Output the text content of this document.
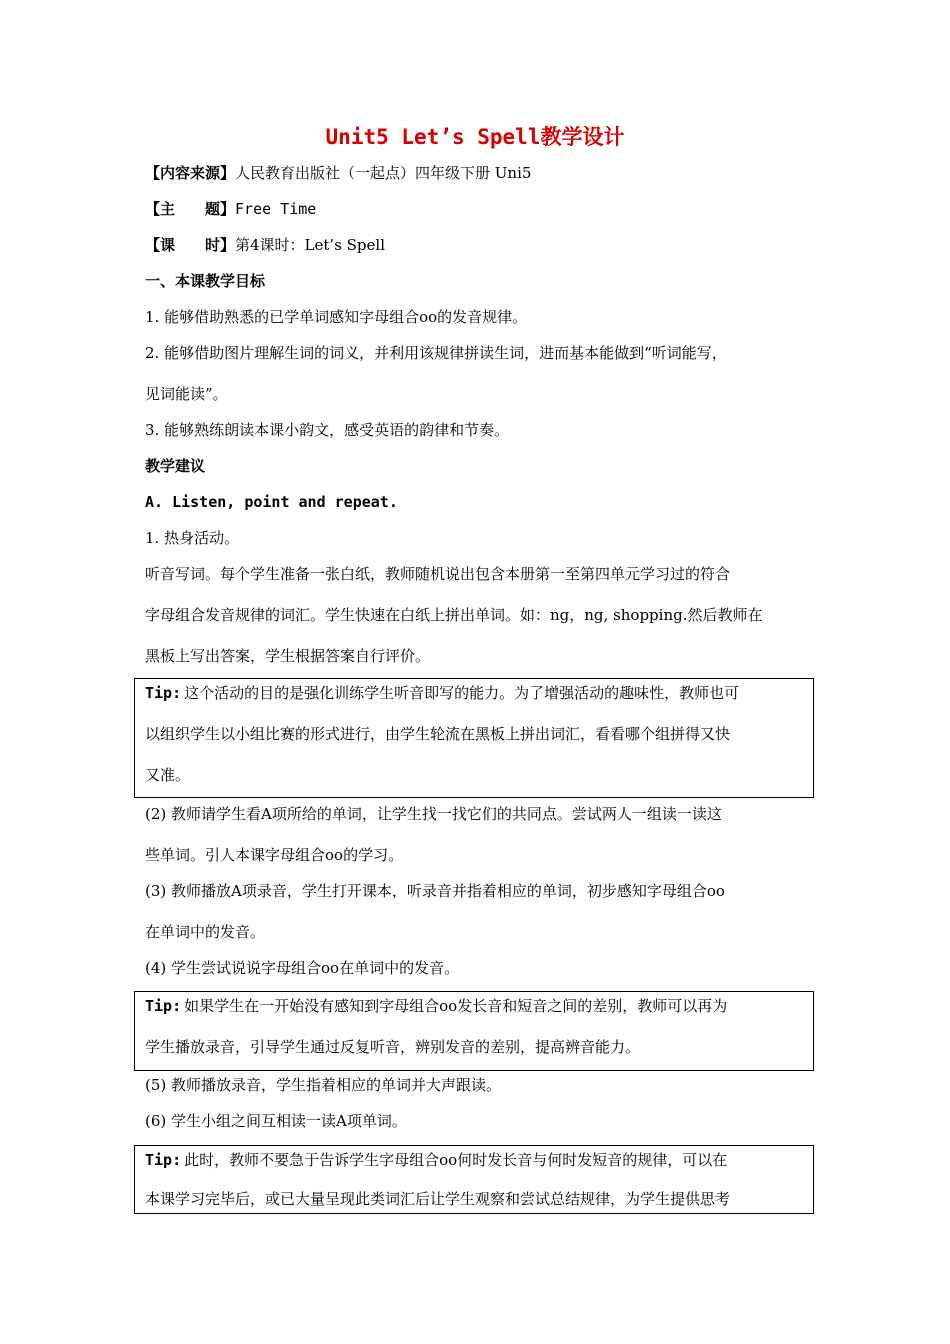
Unit5 Let’s Spell教学设计
【内容来源】人民教育出版社（一起点）四年级下册 Uni5
【主　　题】Free Time
【课　　时】第4课时：Let’s Spell
一、本课教学目标
1. 能够借助熟悉的已学单词感知字母组合oo的发音规律。
2. 能够借助图片理解生词的词义，并利用该规律拼读生词，进而基本能做到“听词能写，
见词能读”。
3. 能够熟练朗读本课小韵文，感受英语的韵律和节奏。
教学建议
A. Listen, point and repeat.
1. 热身活动。
听音写词。每个学生准备一张白纸，教师随机说出包含本册第一至第四单元学习过的符合
字母组合发音规律的词汇。学生快速在白纸上拼出单词。如：ng，ng, shopping.然后教师在
黑板上写出答案，学生根据答案自行评价。
Tip:  这个活动的目的是强化训练学生听音即写的能力。为了增强活动的趣味性，教师也可
以组织学生以小组比赛的形式进行，由学生轮流在黑板上拼出词汇，看看哪个组拼得又快
又准。
(2) 教师请学生看A项所给的单词，让学生找一找它们的共同点。尝试两人一组读一读这
些单词。引人本课字母组合oo的学习。
(3) 教师播放A项录音，学生打开课本，听录音并指着相应的单词，初步感知字母组合oo
在单词中的发音。
(4) 学生尝试说说字母组合oo在单词中的发音。
Tip:  如果学生在一开始没有感知到字母组合oo发长音和短音之间的差别，教师可以再为
学生播放录音，引导学生通过反复听音，辨别发音的差别，提高辨音能力。
(5) 教师播放录音，学生指着相应的单词并大声跟读。
(6) 学生小组之间互相读一读A项单词。
Tip:  此时，教师不要急于告诉学生字母组合oo何时发长音与何时发短音的规律，可以在
本课学习完毕后，或已大量呈现此类词汇后让学生观察和尝试总结规律，为学生提供思考
